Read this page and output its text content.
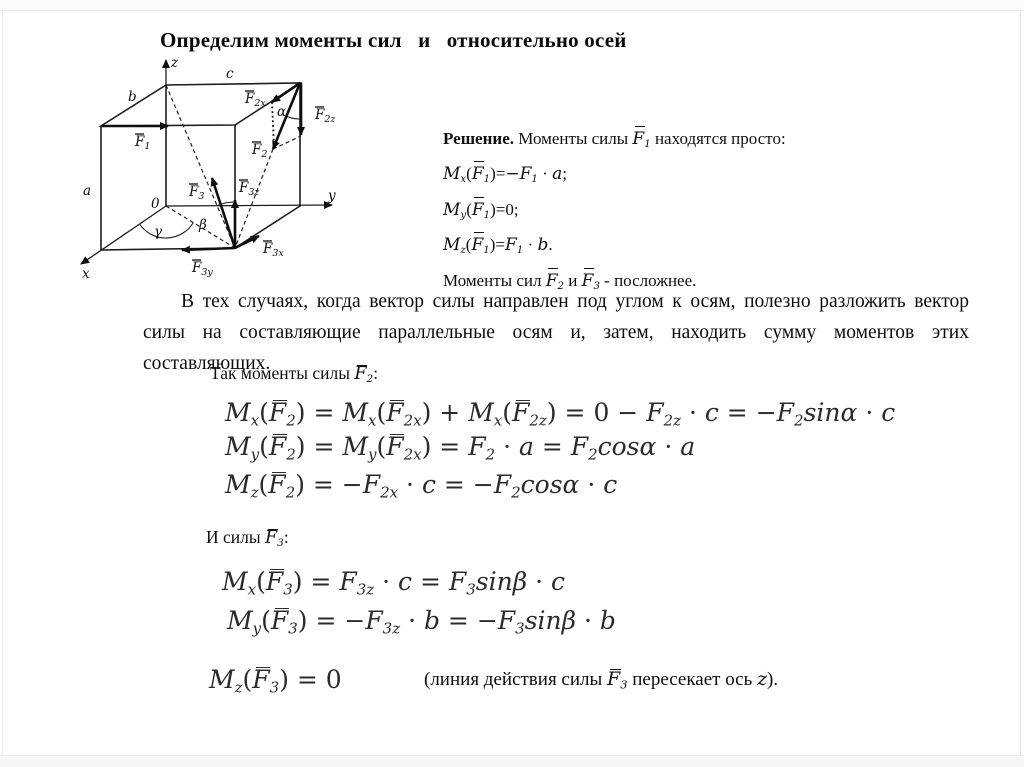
Определим моменты сил   и   относительно осей
z
y
x
c
b
a
0
α
β
γ
$F_1$
$F_{2x}$
$F_{2z}$
$F_2$
$F_3$
$F_{3z}$
$F_{3x}$
$F_{3y}$
Решение. Моменты силы F1 находятся просто:
Mx(F1)=−F1 · a;
My(F1)=0;
Mz(F1)=F1 · b.
Моменты сил F2 и F3 - посложнее.
В тех случаях, когда вектор силы направлен под углом к осям, полезно разложить вектор силы на составляющие параллельные осям и, затем, находить сумму моментов этих составляющих.
Так моменты силы F2:
Mx(F2) = Mx(F2x) + Mx(F2z) = 0 − F2z · c = −F2sinα · c
My(F2) = My(F2x) = F2 · a = F2cosα · a
Mz(F2) = −F2x · c = −F2cosα · c
И силы F3:
Mx(F3) = F3z · c = F3sinβ · c
My(F3) = −F3z · b = −F3sinβ · b
Mz(F3) = 0	(линия действия силы F3 пересекает ось z).
